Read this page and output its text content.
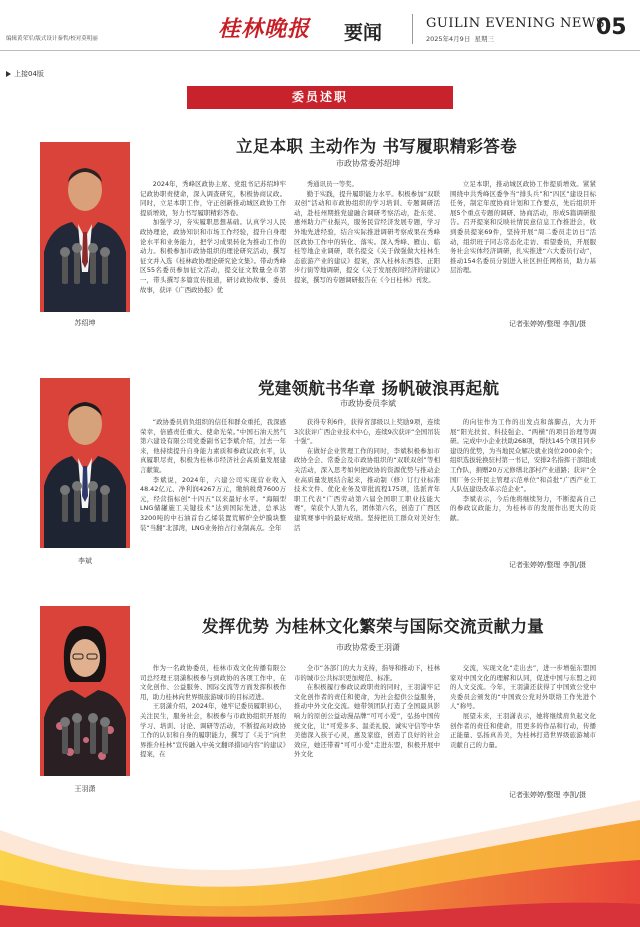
编辑黄荣军/版式设计秦哲/校对莫明丽	桂林晚报 要闻	GUILIN EVENING NEWS
2025年4月9日 星期三	05
上接04版
委员述职
苏绍坤
立足本职 主动作为 书写履职精彩答卷
市政协常委苏绍坤

2024年，秀峰区政协主席、党组书记苏绍坤牢记政协职责使命，深入调查研究，积极协商议政。同时，立足本职工作，守正创新推动城区政协工作提质增效，努力书写履职精彩答卷。

加强学习，夯实履职思想基础。认真学习人民政协理论，政协知识和市场工作经验，提升自身理论水平和业务能力，把学习成果转化为推动工作的动力。积极参加市政协组织的理论研究活动，撰写征文并入选《桂林政协理论研究论文集》。带动秀峰区55名委员参加征文活动，提交征文数量全市第一，带头撰写多篇宣传报道，研讨政协故事、委员故事，获评《广西政协报》优

秀通讯员一等奖。

勤于实践，提升履职能力水平。积极参加“双联双创”活动和市政协组织的学习培训、专题调研活动，赴桂州期推党建融合调研考察活动，赴东莞、惠州助力产业振兴，服务民营经济发展专题，学习外地先进经验，结合实际推进调研考察成果在秀峰区政协工作中的转化、落实。深入秀峰、雁山、临桂等地企业调研，联名提交《关于做强做大桂林生态旅游产业的建议》提案，深入桂林东西巷、正阳步行街等地调研，提交《关于发展夜间经济的建议》提案，撰写的专题调研报告在《今日桂林》刊发。

立足本职，推动城区政协工作提质增效。紧紧围绕中共秀峰区委争当“排头兵”和“四区”建设目标任务，制定年度协商计划和工作要点，先后组织开展5个重点专题的调研、协商活动，形成5篇调研报告。召开提案和反映社情民意信息工作推进会，收到委员提案69件，坚持开展“周二委员走访日”活动，组织班子同志常态化走访、看望委员，开展服务社会实体经济调研，扎实推进“六大委员行动”，推动154名委员分别进入社区担任网格员，助力基层治理。

记者张婷婷/整理 李凯/摄
李斌
党建领航书华章 扬帆破浪再起航
市政协委员李斌

“政协委员肩负组织的信任和群众重托，我深感荣幸，倍感责任重大、使命光荣。”中国石油天然气第六建设有限公司党委副书记李斌介绍，过去一年来，他持续提升自身能力素质和参政议政水平，认真履职尽责，积极为桂林市经济社会高质量发展建言献策。

李斌说，2024年，六建公司实现营业收入48.42亿元、净利润4267万元，缴纳税费7600万元，经营指标创“十四五”以来最好水平。“海隔型LNG储罐施工关键技术”达到国际先进，总承达3200吨的中石油首台乙烯装置荒解炉全炉膜块整装“当翻”北部湾，LNG业务拍占行业制高点。全年

获得专利6件，获得省部级以上奖励9项，连续3次获评广西企业技术中心，连续9次获评“全国吊装十强”。

在做好企业管理工作的同时，李斌积极参加市政协全会、常委会及市政协组织的“双联双创”等相关活动，深入思考如何把政协的资源优势与推动企业高质量发展结合起来，推动制（修）订行业标准技术文件、优化业务及审批流程175项，选派青年职工代表“广西劳动第六届全国职工职业技能大赛”，荣获个人第九名，团体第六名，创造了广西区建筑赛事中的最好成绩。坚持把员工群众对美好生活

的向往作为工作的出发点和落脚点，大力开展“阳光扶贫、科技强企、“两横”的项目治理等调研。完成中小企业扶助268项，帮扶145个项目同步建设的优势，为当地民众解决就业岗位2000余个；组织选拔轮换驻村第一书记，安排2名指挥干部组成工作队，捐赠20万元修缮北部村产业道路；获评“全国厂务公开民主管理示范单位”和首批“广西产业工人队伍建设改革示范企业”。

李斌表示，今后他将继续努力，不断提高自己的参政议政能力，为桂林市的发展作出更大的贡献。

记者张婷婷/整理 李凯/摄
王羽潇
发挥优势 为桂林文化繁荣与国际交流贡献力量
市政协常委王羽潇

作为一名政协委员，桂林市戏文化传播有限公司总经理王羽潇积极参与到政协的各项工作中，在文化创作、公益服务、国际交流等方面发挥积极作用，助力桂林向世界级旅游城市的目标迈进。

王羽潇介绍，2024年，她牢记委员履职初心，关注民生，服务社会，积极参与市政协组织开展的学习、培训、讨论、调研等活动，不断提高对政协工作的认识和自身的履职能力，撰写了《关于“向世界推介桂林”宣传融入中英文翻译措词内容”的建议》提案，在

全市“各部门的大力支持，指导和推动下，桂林市的城市公共标识更加规范、标准。

在积极履行参政议政职责的同时，王羽潇牢记文化创作者的责任和使命，为社会提供公益服务，推动中外文化交流。她带领团队打造了全国最具影响力的原创公益动漫品牌“可可小爱”，弘扬中国传统文化，让“可爱多多、温柔礼貌、诚实守信等中华美德深入孩子心灵，惠及家庭，创造了良好的社会效应，她还带着“可可小爱”走进东盟，积极开展中外文化

交流，实现文化“走出去”，进一步增强东盟国家对中国文化的理解和认同，促进中国与东盟之间的人文交流。今年，王羽潇还获得了中国致公党中央委员会颁发的“中国致公党对外联络工作先进个人”称号。

展望未来，王羽潇表示，她将继续肩负起文化创作者的责任和使命，用更多的作品和行动，传播正能量、弘扬真善美，为桂林打造世界级旅游城市贡献自己的力量。

记者张婷婷/整理 李凯/摄
